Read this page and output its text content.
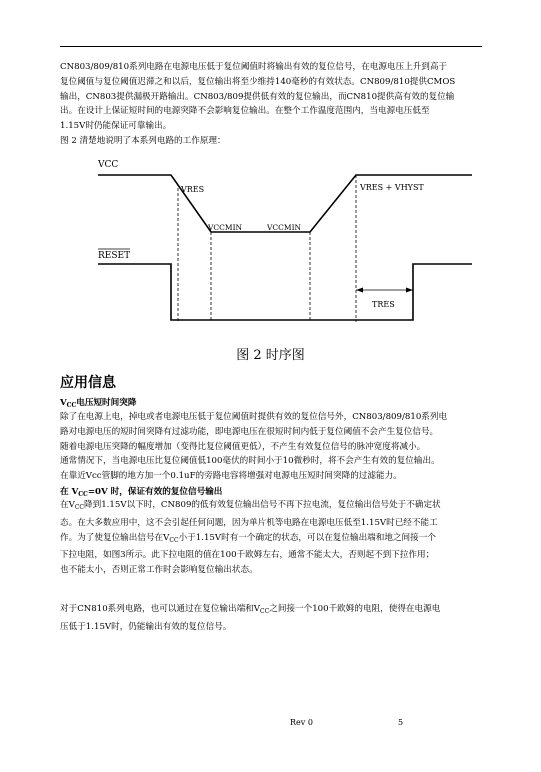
CN803/809/810系列电路在电源电压低于复位阈值时将输出有效的复位信号，在电源电压上升到高于
复位阈值与复位阈值迟滞之和以后，复位输出将至少维持140毫秒的有效状态。CN809/810提供CMOS
输出，CN803提供漏极开路输出。CN803/809提供低有效的复位输出，而CN810提供高有效的复位输
出。在设计上保证短时间的电源突降不会影响复位输出。在整个工作温度范围内，当电源电压低至
1.15V时仍能保证可靠输出。
图 2 清楚地说明了本系列电路的工作原理：
VCC
VRES
VCCMIN	VCCMIN
VRES + VHYST
RESET
TRES
图 2 时序图
应用信息
$V_{CC}$电压短时间突降
除了在电源上电，掉电或者电源电压低于复位阈值时提供有效的复位信号外，CN803/809/810系列电
路对电源电压的短时间突降有过滤功能，即电源电压在很短时间内低于复位阈值不会产生复位信号。
随着电源电压突降的幅度增加（变得比复位阈值更低），不产生有效复位信号的脉冲宽度将减小。
通常情况下，当电源电压比复位阈值低100毫伏的时间小于10微秒时，将不会产生有效的复位输出。
在靠近Vcc管脚的地方加一个0.1uF的旁路电容将增强对电源电压短时间突降的过滤能力。
在 $V_{CC}=0V$ 时，保证有效的复位信号输出
在$V_{CC}$降到1.15V以下时，CN809的低有效复位输出信号不再下拉电流，复位输出信号处于不确定状
态。在大多数应用中，这不会引起任何问题，因为单片机等电路在电源电压低至1.15V时已经不能工
作。为了使复位输出信号在$V_{CC}$小于1.15V时有一个确定的状态，可以在复位输出端和地之间接一个
下拉电阻，如图3所示。此下拉电阻的值在100千欧姆左右，通常不能太大，否则起不到下拉作用；
也不能太小，否则正常工作时会影响复位输出状态。
对于CN810系列电路，也可以通过在复位输出端和$V_{CC}$之间接一个100千欧姆的电阻，使得在电源电
压低于1.15V时，仍能输出有效的复位信号。
Rev 0	5
